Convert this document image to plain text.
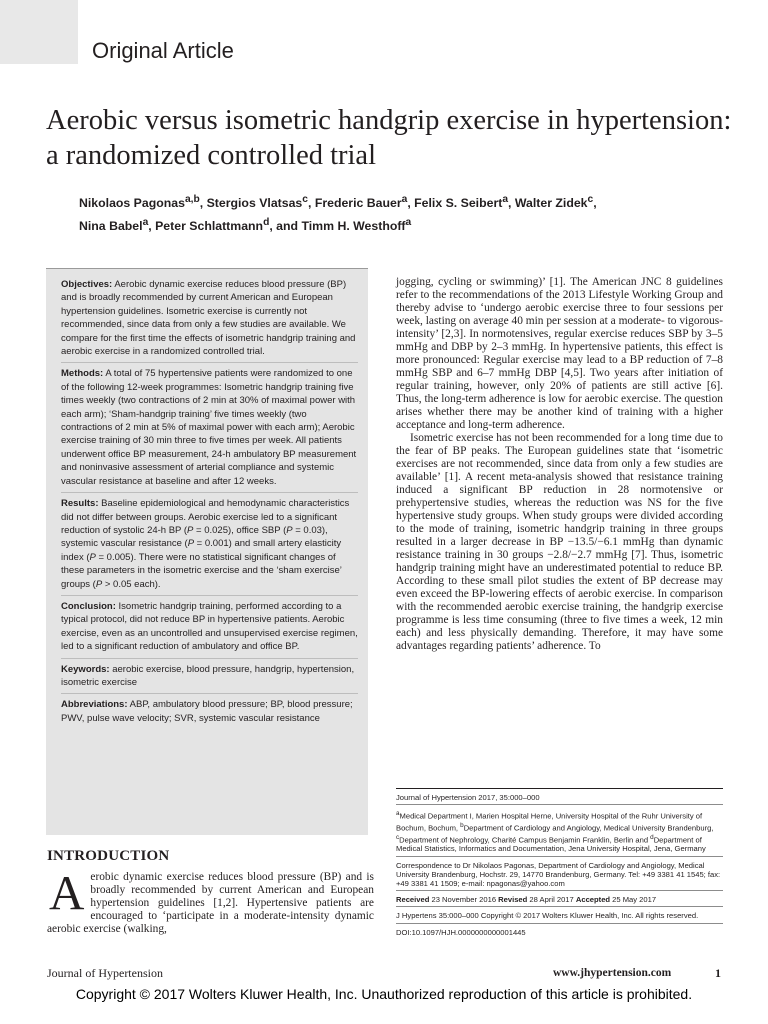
Original Article
Aerobic versus isometric handgrip exercise in hypertension: a randomized controlled trial
Nikolaos Pagonas$^{a,b}$, Stergios Vlatsas$^c$, Frederic Bauer$^a$, Felix S. Seibert$^a$, Walter Zidek$^c$,
Nina Babel$^a$, Peter Schlattmann$^d$, and Timm H. Westhoff$^a$

Objectives: Aerobic dynamic exercise reduces blood pressure (BP) and is broadly recommended by current American and European hypertension guidelines. Isometric exercise is currently not recommended, since data from only a few studies are available. We compare for the first time the effects of isometric handgrip training and aerobic exercise in a randomized controlled trial.

Methods: A total of 75 hypertensive patients were randomized to one of the following 12-week programmes: Isometric handgrip training five times weekly (two contractions of 2 min at 30% of maximal power with each arm); ‘Sham-handgrip training’ five times weekly (two contractions of 2 min at 5% of maximal power with each arm); Aerobic exercise training of 30 min three to five times per week. All patients underwent office BP measurement, 24-h ambulatory BP measurement and noninvasive assessment of arterial compliance and systemic vascular resistance at baseline and after 12 weeks.

Results: Baseline epidemiological and hemodynamic characteristics did not differ between groups. Aerobic exercise led to a significant reduction of systolic 24-h BP (P = 0.025), office SBP (P = 0.03), systemic vascular resistance (P = 0.001) and small artery elasticity index (P = 0.005). There were no statistical significant changes of these parameters in the isometric exercise and the ‘sham exercise’ groups (P > 0.05 each).

Conclusion: Isometric handgrip training, performed according to a typical protocol, did not reduce BP in hypertensive patients. Aerobic exercise, even as an uncontrolled and unsupervised exercise regimen, led to a significant reduction of ambulatory and office BP.

Keywords: aerobic exercise, blood pressure, handgrip, hypertension, isometric exercise

Abbreviations: ABP, ambulatory blood pressure; BP, blood pressure; PWV, pulse wave velocity; SVR, systemic vascular resistance

INTRODUCTION
Aerobic dynamic exercise reduces blood pressure (BP) and is broadly recommended by current American and European hypertension guidelines [1,2]. Hypertensive patients are encouraged to ‘participate in a moderate-intensity dynamic aerobic exercise (walking,

jogging, cycling or swimming)’ [1]. The American JNC 8 guidelines refer to the recommendations of the 2013 Lifestyle Working Group and thereby advise to ‘undergo aerobic exercise three to four sessions per week, lasting on average 40 min per session at a moderate- to vigorous-intensity’ [2,3]. In normotensives, regular exercise reduces SBP by 3–5 mmHg and DBP by 2–3 mmHg. In hypertensive patients, this effect is more pronounced: Regular exercise may lead to a BP reduction of 7–8 mmHg SBP and 6–7 mmHg DBP [4,5]. Two years after initiation of regular training, however, only 20% of patients are still active [6]. Thus, the long-term adherence is low for aerobic exercise. The question arises whether there may be another kind of training with a higher acceptance and long-term adherence.

Isometric exercise has not been recommended for a long time due to the fear of BP peaks. The European guidelines state that ‘isometric exercises are not recommended, since data from only a few studies are available’ [1]. A recent meta-analysis showed that resistance training induced a significant BP reduction in 28 normotensive or prehypertensive studies, whereas the reduction was NS for the five hypertensive study groups. When study groups were divided according to the mode of training, isometric handgrip training in three groups resulted in a larger decrease in BP −13.5/−6.1 mmHg than dynamic resistance training in 30 groups −2.8/−2.7 mmHg [7]. Thus, isometric handgrip training might have an underestimated potential to reduce BP. According to these small pilot studies the extent of BP decrease may even exceed the BP-lowering effects of aerobic exercise. In comparison with the recommended aerobic exercise training, the handgrip exercise programme is less time consuming (three to five times a week, 12 min each) and less physically demanding. Therefore, it may have some advantages regarding patients’ adherence. To

Journal of Hypertension 2017, 35:000–000

$^a$Medical Department I, Marien Hospital Herne, University Hospital of the Ruhr University of Bochum, Bochum, $^b$Department of Cardiology and Angiology, Medical University Brandenburg, $^c$Department of Nephrology, Charité Campus Benjamin Franklin, Berlin and $^d$Department of Medical Statistics, Informatics and Documentation, Jena University Hospital, Jena, Germany

Correspondence to Dr Nikolaos Pagonas, Department of Cardiology and Angiology, Medical University Brandenburg, Hochstr. 29, 14770 Brandenburg, Germany. Tel: +49 3381 41 1545; fax: +49 3381 41 1509; e-mail: npagonas@yahoo.com

Received 23 November 2016 Revised 28 April 2017 Accepted 25 May 2017

J Hypertens 35:000–000 Copyright © 2017 Wolters Kluwer Health, Inc. All rights reserved.

DOI:10.1097/HJH.0000000000001445

Journal of Hypertension	www.jhypertension.com	1
Copyright © 2017 Wolters Kluwer Health, Inc. Unauthorized reproduction of this article is prohibited.
